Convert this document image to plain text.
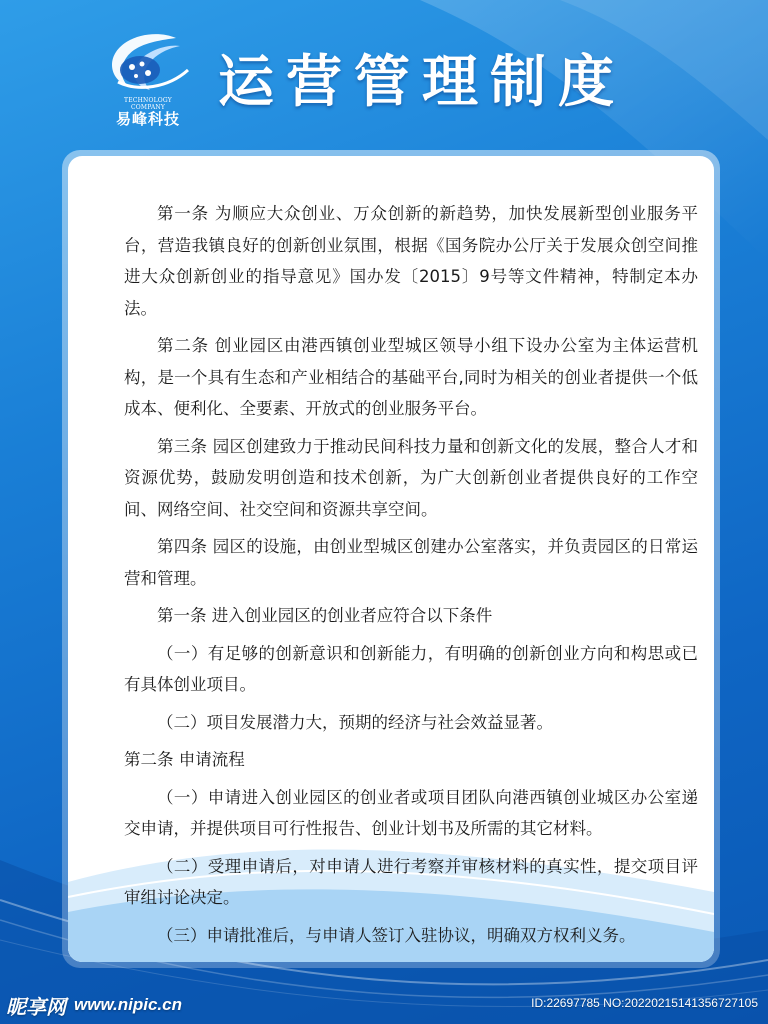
TECHNOLOGY COMPANY
易峰科技
运营管理制度

第一条 为顺应大众创业、万众创新的新趋势，加快发展新型创业服务平台，营造我镇良好的创新创业氛围，根据《国务院办公厅关于发展众创空间推进大众创新创业的指导意见》国办发〔2015〕9号等文件精神，特制定本办法。

第二条 创业园区由港西镇创业型城区领导小组下设办公室为主体运营机构，是一个具有生态和产业相结合的基础平台,同时为相关的创业者提供一个低成本、便利化、全要素、开放式的创业服务平台。

第三条 园区创建致力于推动民间科技力量和创新文化的发展，整合人才和资源优势，鼓励发明创造和技术创新，为广大创新创业者提供良好的工作空间、网络空间、社交空间和资源共享空间。

第四条 园区的设施，由创业型城区创建办公室落实，并负责园区的日常运营和管理。

第一条 进入创业园区的创业者应符合以下条件

（一）有足够的创新意识和创新能力，有明确的创新创业方向和构思或已有具体创业项目。

（二）项目发展潜力大，预期的经济与社会效益显著。

第二条 申请流程

（一）申请进入创业园区的创业者或项目团队向港西镇创业城区办公室递交申请，并提供项目可行性报告、创业计划书及所需的其它材料。

（二）受理申请后，对申请人进行考察并审核材料的真实性，提交项目评审组讨论决定。

（三）申请批准后，与申请人签订入驻协议，明确双方权利义务。

昵享网 www.nipic.cn	ID:22697785 NO:20220215141356727105
